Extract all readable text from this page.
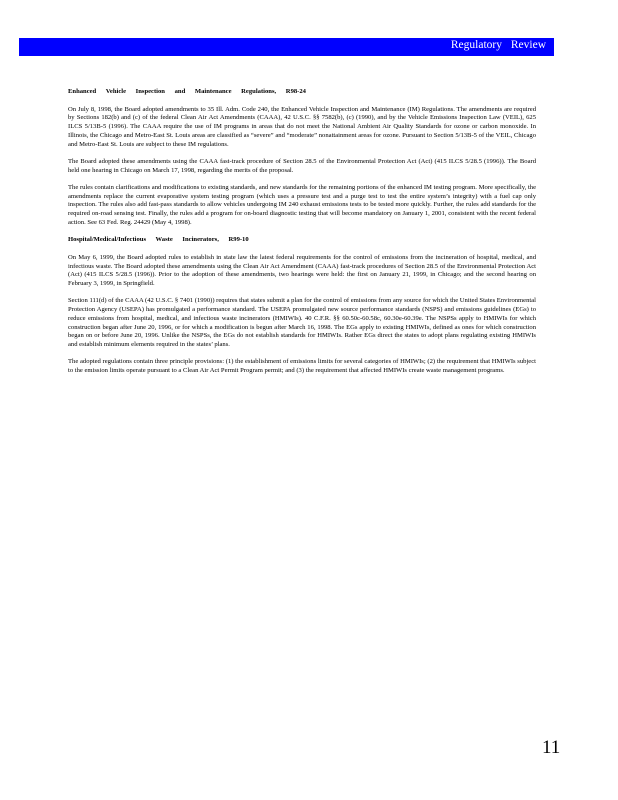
Regulatory Review
Enhanced Vehicle Inspection and Maintenance Regulations, R98-24

On July 8, 1998, the Board adopted amendments to 35 Ill. Adm. Code 240, the Enhanced Vehicle Inspection and Maintenance (IM) Regulations. The amendments are required by Sections 182(b) and (c) of the federal Clean Air Act Amendments (CAAA), 42 U.S.C. §§ 7582(b), (c) (1990), and by the Vehicle Emissions Inspection Law (VEIL), 625 ILCS 5/13B-5 (1996). The CAAA require the use of IM programs in areas that do not meet the National Ambient Air Quality Standards for ozone or carbon monoxide. In Illinois, the Chicago and Metro-East St. Louis areas are classified as “severe” and “moderate” nonattainment areas for ozone. Pursuant to Section 5/13B-5 of the VEIL, Chicago and Metro-East St. Louis are subject to these IM regulations.

The Board adopted these amendments using the CAAA fast-track procedure of Section 28.5 of the Environmental Protection Act (Act) (415 ILCS 5/28.5 (1996)). The Board held one hearing in Chicago on March 17, 1998, regarding the merits of the proposal.

The rules contain clarifications and modifications to existing standards, and new standards for the remaining portions of the enhanced IM testing program. More specifically, the amendments replace the current evaporative system testing program (which uses a pressure test and a purge test to test the entire system’s integrity) with a fuel cap only inspection. The rules also add fast-pass standards to allow vehicles undergoing IM 240 exhaust emissions tests to be tested more quickly. Further, the rules add standards for the required on-road sensing test. Finally, the rules add a program for on-board diagnostic testing that will become mandatory on January 1, 2001, consistent with the recent federal action. See 63 Fed. Reg. 24429 (May 4, 1998).

Hospital/Medical/Infectious Waste Incinerators, R99-10

On May 6, 1999, the Board adopted rules to establish in state law the latest federal requirements for the control of emissions from the incineration of hospital, medical, and infectious waste. The Board adopted these amendments using the Clean Air Act Amendment (CAAA) fast-track procedures of Section 28.5 of the Environmental Protection Act (Act) (415 ILCS 5/28.5 (1996)). Prior to the adoption of these amendments, two hearings were held: the first on January 21, 1999, in Chicago; and the second hearing on February 3, 1999, in Springfield.

Section 111(d) of the CAAA (42 U.S.C. § 7401 (1990)) requires that states submit a plan for the control of emissions from any source for which the United States Environmental Protection Agency (USEPA) has promulgated a performance standard. The USEPA promulgated new source performance standards (NSPS) and emissions guidelines (EGs) to reduce emissions from hospital, medical, and infectious waste incinerators (HMIWIs). 40 C.F.R. §§ 60.50c-60.58c, 60.30e-60.39e. The NSPSs apply to HMIWIs for which construction began after June 20, 1996, or for which a modification is begun after March 16, 1998. The EGs apply to existing HMIWIs, defined as ones for which construction began on or before June 20, 1996. Unlike the NSPSs, the EGs do not establish standards for HMIWIs. Rather EGs direct the states to adopt plans regulating existing HMIWIs and establish minimum elements required in the states’ plans.

The adopted regulations contain three principle provisions: (1) the establishment of emissions limits for several categories of HMIWIs; (2) the requirement that HMIWIs subject to the emission limits operate pursuant to a Clean Air Act Permit Program permit; and (3) the requirement that affected HMIWIs create waste management programs.

11
